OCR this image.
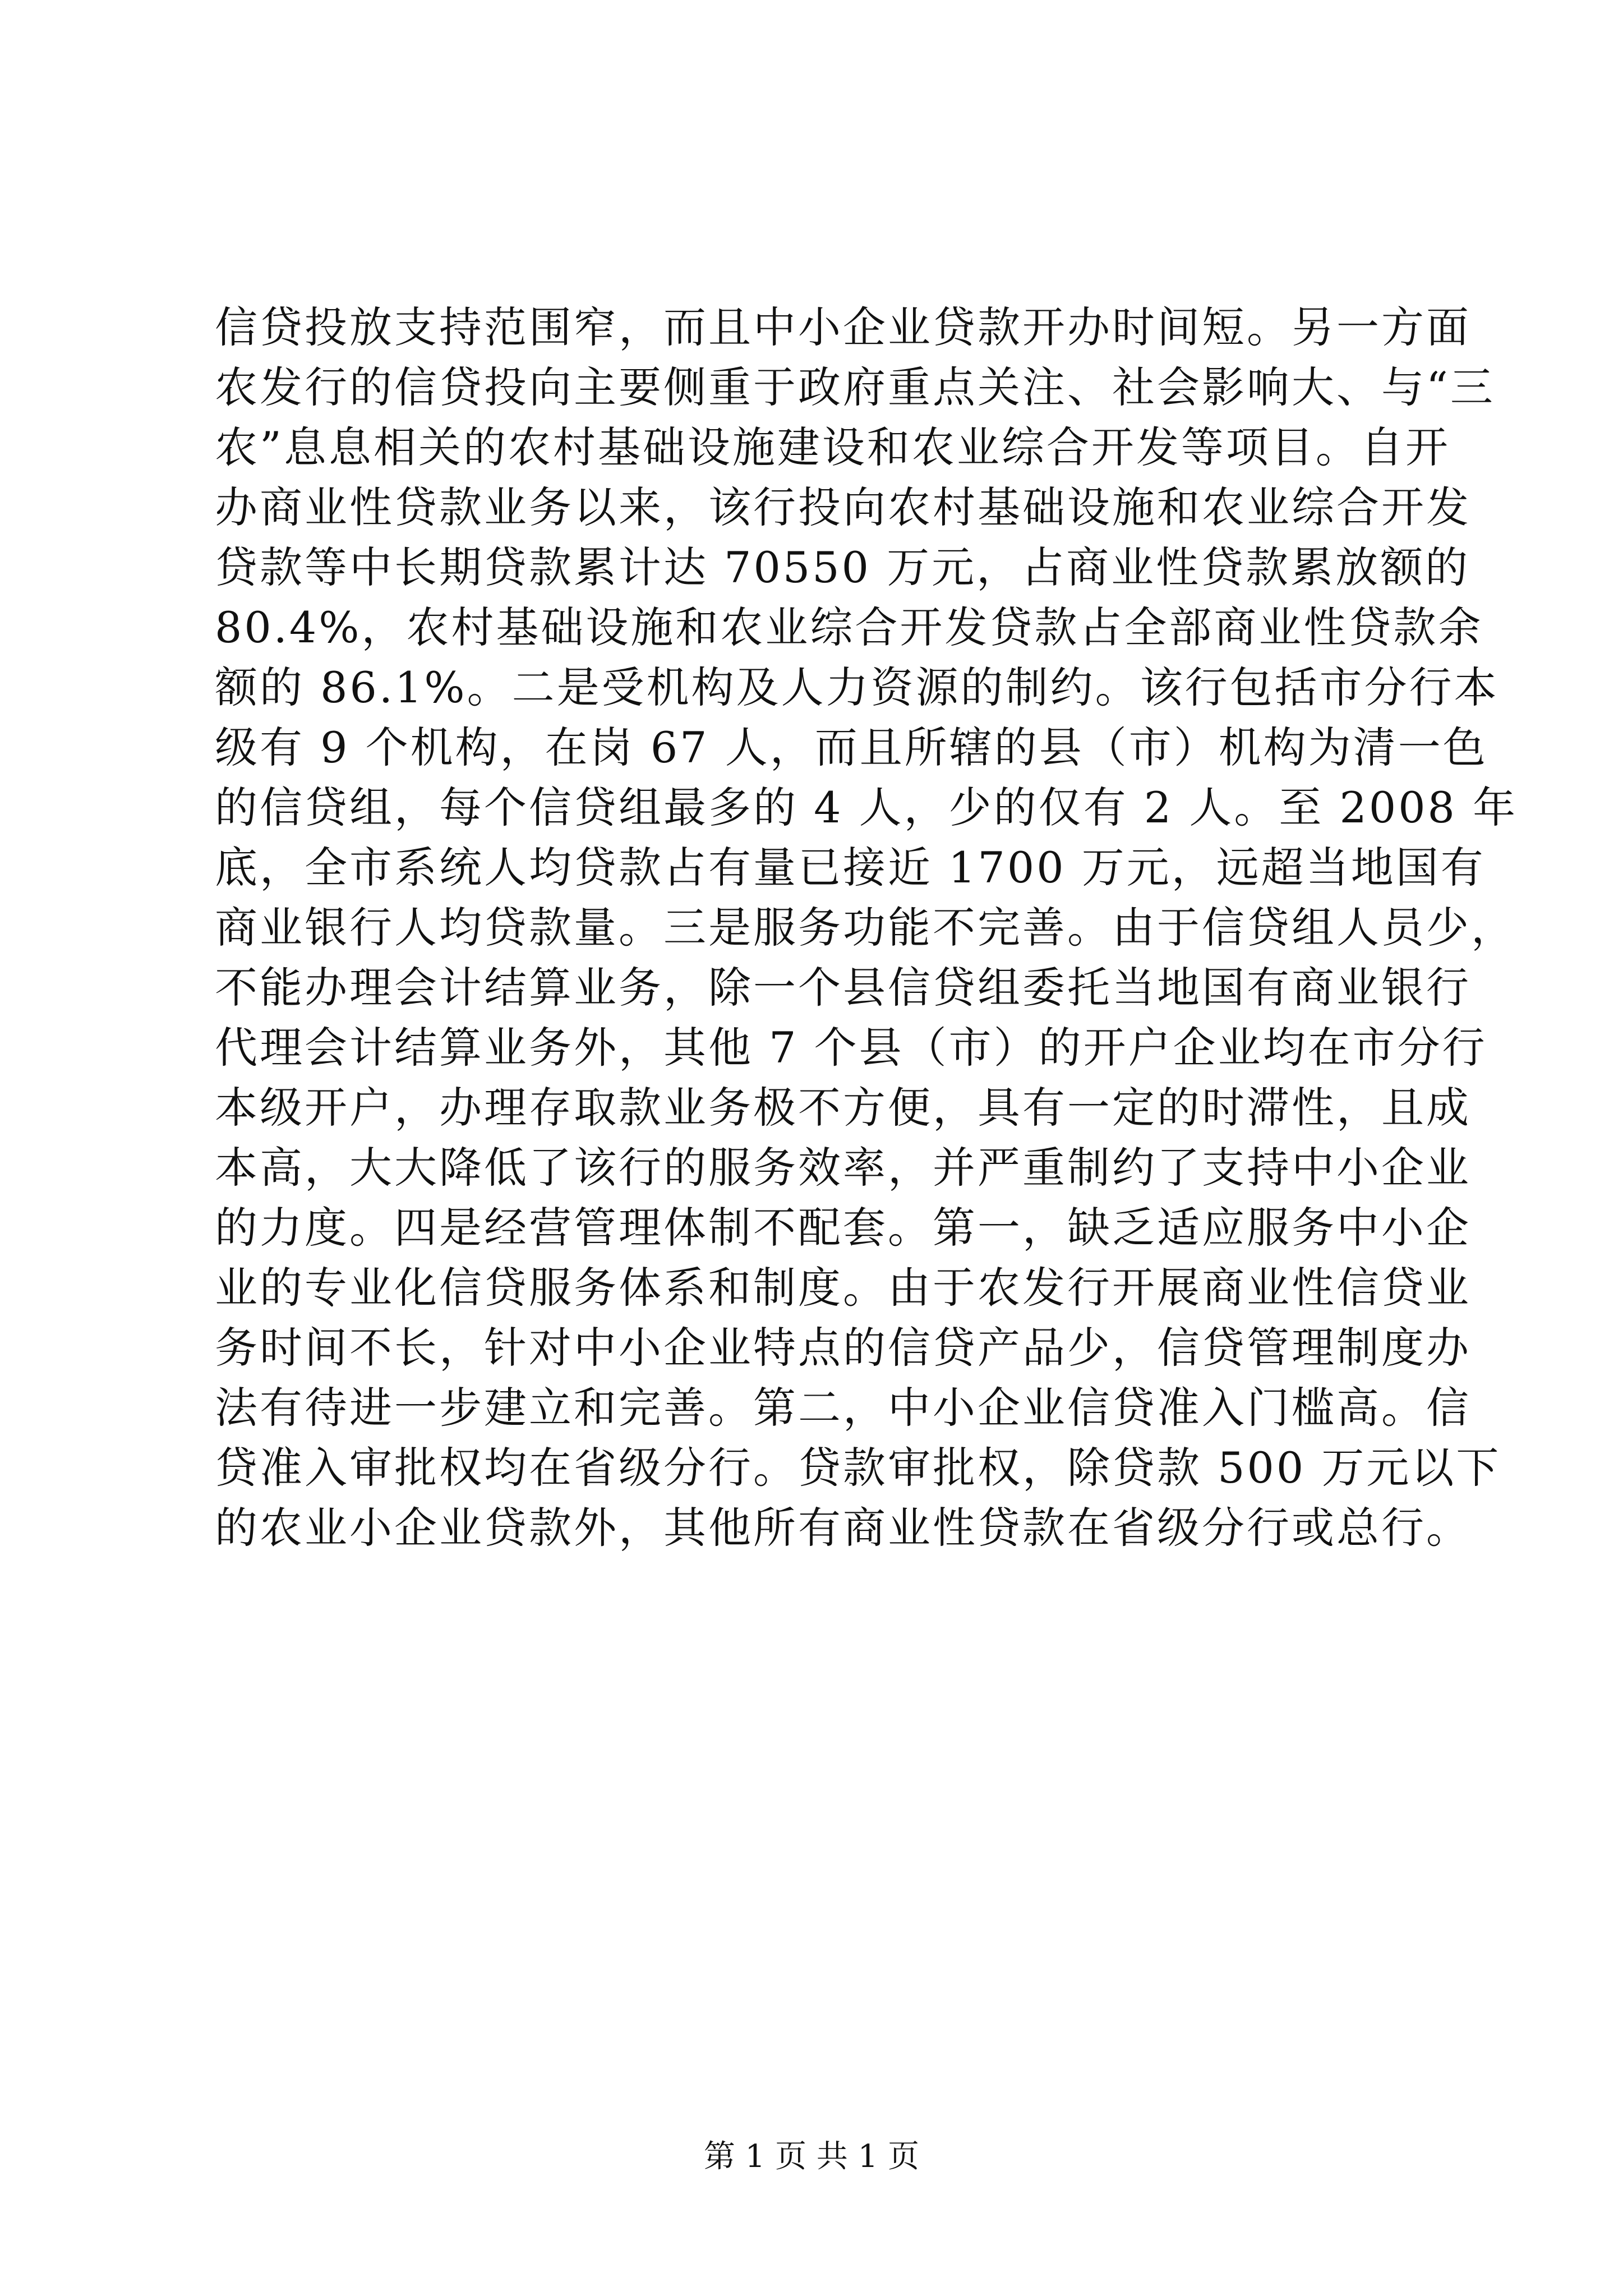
信贷投放支持范围窄，而且中小企业贷款开办时间短。另一方面
农发行的信贷投向主要侧重于政府重点关注、社会影响大、与“三
农”息息相关的农村基础设施建设和农业综合开发等项目。自开
办商业性贷款业务以来，该行投向农村基础设施和农业综合开发
贷款等中长期贷款累计达 70550 万元，占商业性贷款累放额的
80.4%，农村基础设施和农业综合开发贷款占全部商业性贷款余
额的 86.1%。二是受机构及人力资源的制约。该行包括市分行本
级有 9 个机构，在岗 67 人，而且所辖的县（市）机构为清一色
的信贷组，每个信贷组最多的 4 人，少的仅有 2 人。至 2008 年
底，全市系统人均贷款占有量已接近 1700 万元，远超当地国有
商业银行人均贷款量。三是服务功能不完善。由于信贷组人员少，
不能办理会计结算业务，除一个县信贷组委托当地国有商业银行
代理会计结算业务外，其他 7 个县（市）的开户企业均在市分行
本级开户，办理存取款业务极不方便，具有一定的时滞性，且成
本高，大大降低了该行的服务效率，并严重制约了支持中小企业
的力度。四是经营管理体制不配套。第一，缺乏适应服务中小企
业的专业化信贷服务体系和制度。由于农发行开展商业性信贷业
务时间不长，针对中小企业特点的信贷产品少，信贷管理制度办
法有待进一步建立和完善。第二，中小企业信贷准入门槛高。信
贷准入审批权均在省级分行。贷款审批权，除贷款 500 万元以下
的农业小企业贷款外，其他所有商业性贷款在省级分行或总行。
第 1 页 共 1 页
